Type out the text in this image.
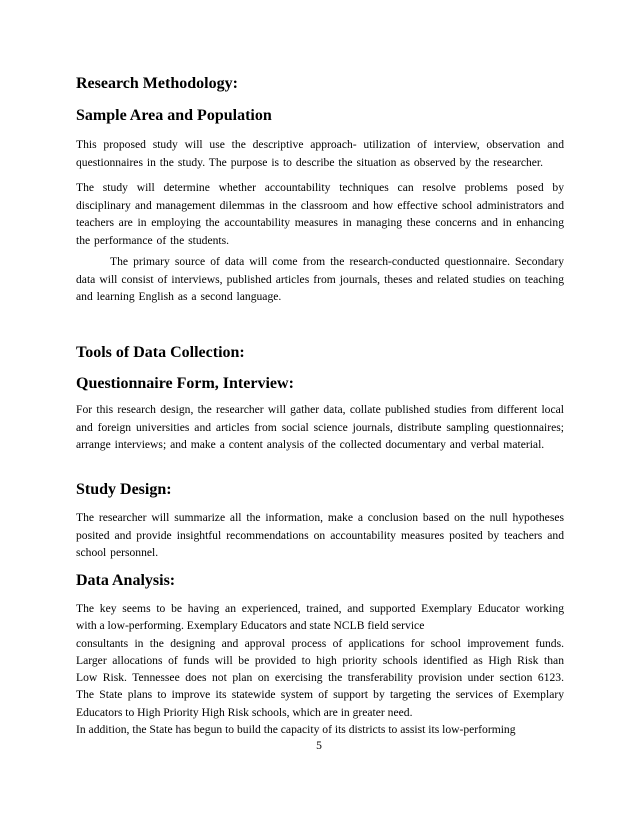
Research Methodology:
Sample Area and Population

This proposed study will use the descriptive approach- utilization of interview, observation and questionnaires in the study. The purpose is to describe the situation as observed by the researcher.

The study will determine whether accountability techniques can resolve problems posed by disciplinary and management dilemmas in the classroom and how effective school administrators and teachers are in employing the accountability measures in managing these concerns and in enhancing the performance of the students.

The primary source of data will come from the research-conducted questionnaire. Secondary data will consist of interviews, published articles from journals, theses and related studies on teaching and learning English as a second language.

Tools of Data Collection:
Questionnaire Form, Interview:

For this research design, the researcher will gather data, collate published studies from different local and foreign universities and articles from social science journals, distribute sampling questionnaires; arrange interviews; and make a content analysis of the collected documentary and verbal material.

Study Design:

The researcher will summarize all the information, make a conclusion based on the null hypotheses posited and provide insightful recommendations on accountability measures posited by teachers and school personnel.

Data Analysis:
The key seems to be having an experienced, trained, and supported Exemplary Educator working
with a low-performing. Exemplary Educators and state NCLB field service
consultants in the designing and approval process of applications for school improvement funds.
Larger allocations of funds will be provided to high priority schools identified as High Risk than
Low Risk. Tennessee does not plan on exercising the transferability provision under section 6123.
The State plans to improve its statewide system of support by targeting the services of Exemplary
Educators to High Priority High Risk schools, which are in greater need.
In addition, the State has begun to build the capacity of its districts to assist its low-performing
5
